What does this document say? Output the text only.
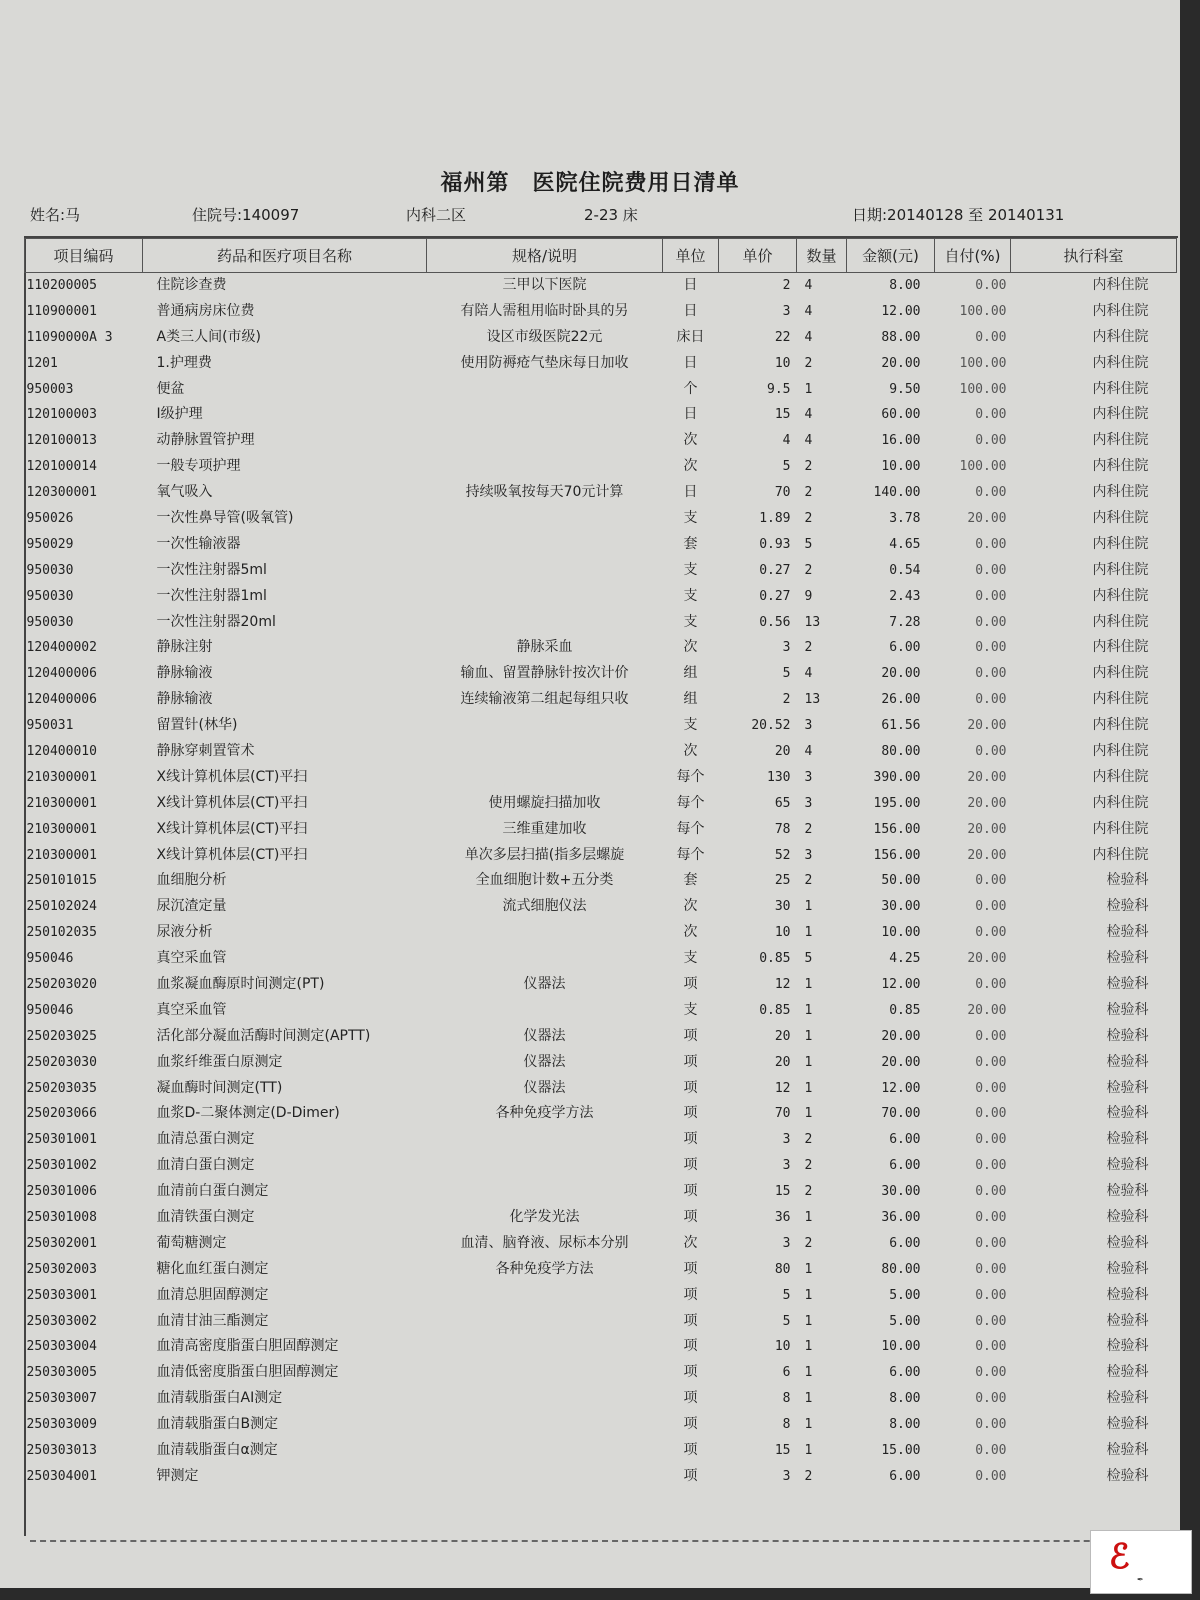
福州第　医院住院费用日清单
姓名:马	住院号:140097	内科二区	2-23 床	日期:20140128 至 20140131
项目编码	药品和医疗项目名称	规格/说明	单位	单价	数量	金额(元)	自付(%)	执行科室
110200005	住院诊查费	三甲以下医院	日	2	4	8.00	0.00	内科住院
110900001	普通病房床位费	有陪人需租用临时卧具的另	日	3	4	12.00	100.00	内科住院
11090000A 3	A类三人间(市级)	设区市级医院22元	床日	22	4	88.00	0.00	内科住院
1201	1.护理费	使用防褥疮气垫床每日加收	日	10	2	20.00	100.00	内科住院
950003	便盆		个	9.5	1	9.50	100.00	内科住院
120100003	Ⅰ级护理		日	15	4	60.00	0.00	内科住院
120100013	动静脉置管护理		次	4	4	16.00	0.00	内科住院
120100014	一般专项护理		次	5	2	10.00	100.00	内科住院
120300001	氧气吸入	持续吸氧按每天70元计算	日	70	2	140.00	0.00	内科住院
950026	一次性鼻导管(吸氧管)		支	1.89	2	3.78	20.00	内科住院
950029	一次性输液器		套	0.93	5	4.65	0.00	内科住院
950030	一次性注射器5ml		支	0.27	2	0.54	0.00	内科住院
950030	一次性注射器1ml		支	0.27	9	2.43	0.00	内科住院
950030	一次性注射器20ml		支	0.56	13	7.28	0.00	内科住院
120400002	静脉注射	静脉采血	次	3	2	6.00	0.00	内科住院
120400006	静脉输液	输血、留置静脉针按次计价	组	5	4	20.00	0.00	内科住院
120400006	静脉输液	连续输液第二组起每组只收	组	2	13	26.00	0.00	内科住院
950031	留置针(林华)		支	20.52	3	61.56	20.00	内科住院
120400010	静脉穿刺置管术		次	20	4	80.00	0.00	内科住院
210300001	X线计算机体层(CT)平扫		每个	130	3	390.00	20.00	内科住院
210300001	X线计算机体层(CT)平扫	使用螺旋扫描加收	每个	65	3	195.00	20.00	内科住院
210300001	X线计算机体层(CT)平扫	三维重建加收	每个	78	2	156.00	20.00	内科住院
210300001	X线计算机体层(CT)平扫	单次多层扫描(指多层螺旋	每个	52	3	156.00	20.00	内科住院
250101015	血细胞分析	全血细胞计数+五分类	套	25	2	50.00	0.00	检验科
250102024	尿沉渣定量	流式细胞仪法	次	30	1	30.00	0.00	检验科
250102035	尿液分析		次	10	1	10.00	0.00	检验科
950046	真空采血管		支	0.85	5	4.25	20.00	检验科
250203020	血浆凝血酶原时间测定(PT)	仪器法	项	12	1	12.00	0.00	检验科
950046	真空采血管		支	0.85	1	0.85	20.00	检验科
250203025	活化部分凝血活酶时间测定(APTT)	仪器法	项	20	1	20.00	0.00	检验科
250203030	血浆纤维蛋白原测定	仪器法	项	20	1	20.00	0.00	检验科
250203035	凝血酶时间测定(TT)	仪器法	项	12	1	12.00	0.00	检验科
250203066	血浆D-二聚体测定(D-Dimer)	各种免疫学方法	项	70	1	70.00	0.00	检验科
250301001	血清总蛋白测定		项	3	2	6.00	0.00	检验科
250301002	血清白蛋白测定		项	3	2	6.00	0.00	检验科
250301006	血清前白蛋白测定		项	15	2	30.00	0.00	检验科
250301008	血清铁蛋白测定	化学发光法	项	36	1	36.00	0.00	检验科
250302001	葡萄糖测定	血清、脑脊液、尿标本分别	次	3	2	6.00	0.00	检验科
250302003	糖化血红蛋白测定	各种免疫学方法	项	80	1	80.00	0.00	检验科
250303001	血清总胆固醇测定		项	5	1	5.00	0.00	检验科
250303002	血清甘油三酯测定		项	5	1	5.00	0.00	检验科
250303004	血清高密度脂蛋白胆固醇测定		项	10	1	10.00	0.00	检验科
250303005	血清低密度脂蛋白胆固醇测定		项	6	1	6.00	0.00	检验科
250303007	血清载脂蛋白AⅠ测定		项	8	1	8.00	0.00	检验科
250303009	血清载脂蛋白B测定		项	8	1	8.00	0.00	检验科
250303013	血清载脂蛋白α测定		项	15	1	15.00	0.00	检验科
250304001	钾测定		项	3	2	6.00	0.00	检验科
ℰ
✒
